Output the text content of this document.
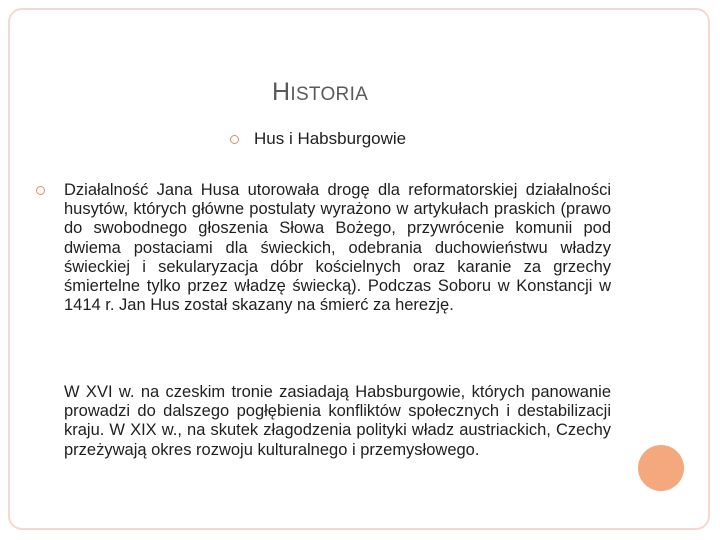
HISTORIA
Hus i Habsburgowie
Działalność Jana Husa utorowała drogę dla reformatorskiej działalności husytów, których główne postulaty wyrażono w artykułach praskich (prawo do swobodnego głoszenia Słowa Bożego, przywrócenie komunii pod dwiema postaciami dla świeckich, odebrania duchowieństwu władzy świeckiej i sekularyzacja dóbr kościelnych oraz karanie za grzechy śmiertelne tylko przez władzę świecką). Podczas Soboru w Konstancji w 1414 r. Jan Hus został skazany na śmierć za herezję.
W XVI w. na czeskim tronie zasiadają Habsburgowie, których panowanie prowadzi do dalszego pogłębienia konfliktów społecznych i destabilizacji kraju. W XIX w., na skutek złagodzenia polityki władz austriackich, Czechy przeżywają okres rozwoju kulturalnego i przemysłowego.
